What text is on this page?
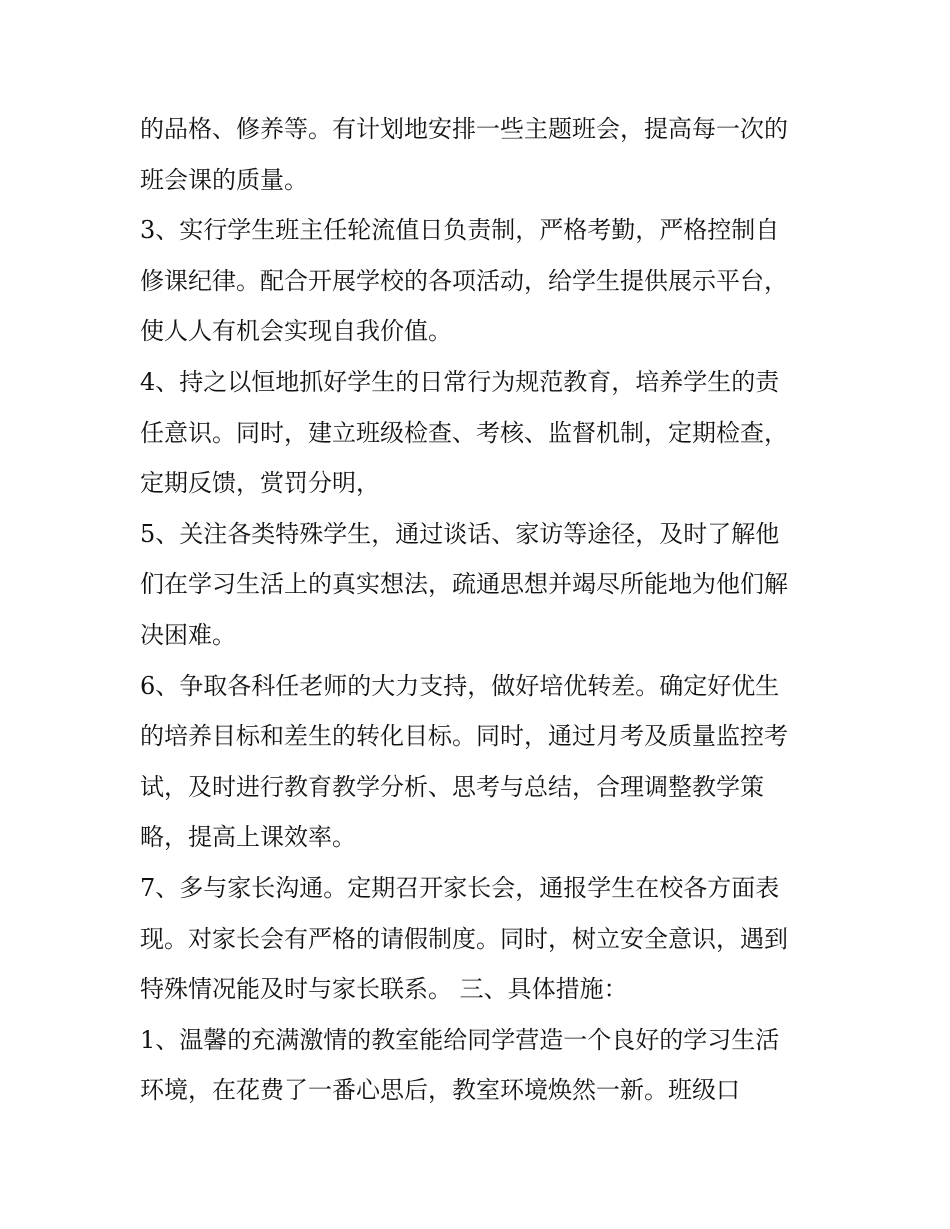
的品格、修养等。有计划地安排一些主题班会，提高每一次的

班会课的质量。

3、实行学生班主任轮流值日负责制，严格考勤，严格控制自

修课纪律。配合开展学校的各项活动，给学生提供展示平台，

使人人有机会实现自我价值。

4、持之以恒地抓好学生的日常行为规范教育，培养学生的责

任意识。同时，建立班级检查、考核、监督机制，定期检查，

定期反馈，赏罚分明，

5、关注各类特殊学生，通过谈话、家访等途径，及时了解他

们在学习生活上的真实想法，疏通思想并竭尽所能地为他们解

决困难。

6、争取各科任老师的大力支持，做好培优转差。确定好优生

的培养目标和差生的转化目标。同时，通过月考及质量监控考

试，及时进行教育教学分析、思考与总结，合理调整教学策

略，提高上课效率。

7、多与家长沟通。定期召开家长会，通报学生在校各方面表

现。对家长会有严格的请假制度。同时，树立安全意识，遇到

特殊情况能及时与家长联系。 三、具体措施：

1、温馨的充满激情的教室能给同学营造一个良好的学习生活

环境，在花费了一番心思后，教室环境焕然一新。班级口
